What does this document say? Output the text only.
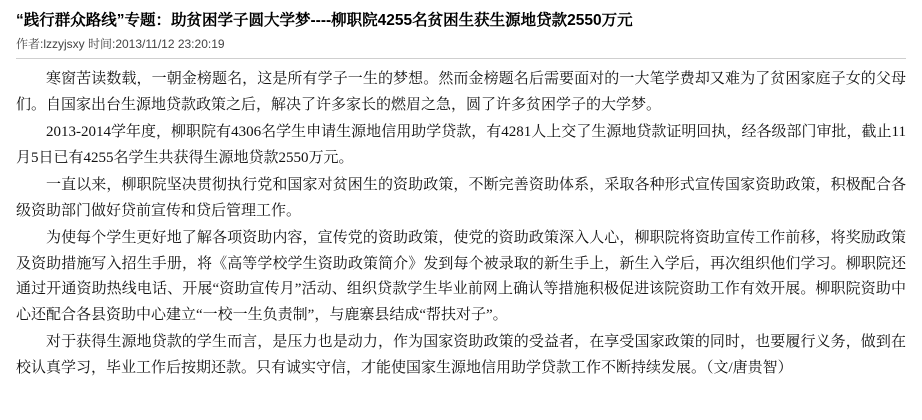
“践行群众路线”专题：助贫困学子圆大学梦----柳职院4255名贫困生获生源地贷款2550万元
作者:lzzyjsxy 时间:2013/11/12 23:20:19

寒窗苦读数载，一朝金榜题名，这是所有学子一生的梦想。然而金榜题名后需要面对的一大笔学费却又难为了贫困家庭子女的父母们。自国家出台生源地贷款政策之后，解决了许多家长的燃眉之急，圆了许多贫困学子的大学梦。

2013-2014学年度，柳职院有4306名学生申请生源地信用助学贷款，有4281人上交了生源地贷款证明回执，经各级部门审批，截止11月5日已有4255名学生共获得生源地贷款2550万元。

一直以来，柳职院坚决贯彻执行党和国家对贫困生的资助政策，不断完善资助体系，采取各种形式宣传国家资助政策，积极配合各级资助部门做好贷前宣传和贷后管理工作。

为使每个学生更好地了解各项资助内容，宣传党的资助政策，使党的资助政策深入人心，柳职院将资助宣传工作前移，将奖励政策及资助措施写入招生手册，将《高等学校学生资助政策简介》发到每个被录取的新生手上，新生入学后，再次组织他们学习。柳职院还通过开通资助热线电话、开展“资助宣传月”活动、组织贷款学生毕业前网上确认等措施积极促进该院资助工作有效开展。柳职院资助中心还配合各县资助中心建立“一校一生负责制”，与鹿寨县结成“帮扶对子”。

对于获得生源地贷款的学生而言，是压力也是动力，作为国家资助政策的受益者，在享受国家政策的同时，也要履行义务，做到在校认真学习，毕业工作后按期还款。只有诚实守信，才能使国家生源地信用助学贷款工作不断持续发展。（文/唐贵智）
